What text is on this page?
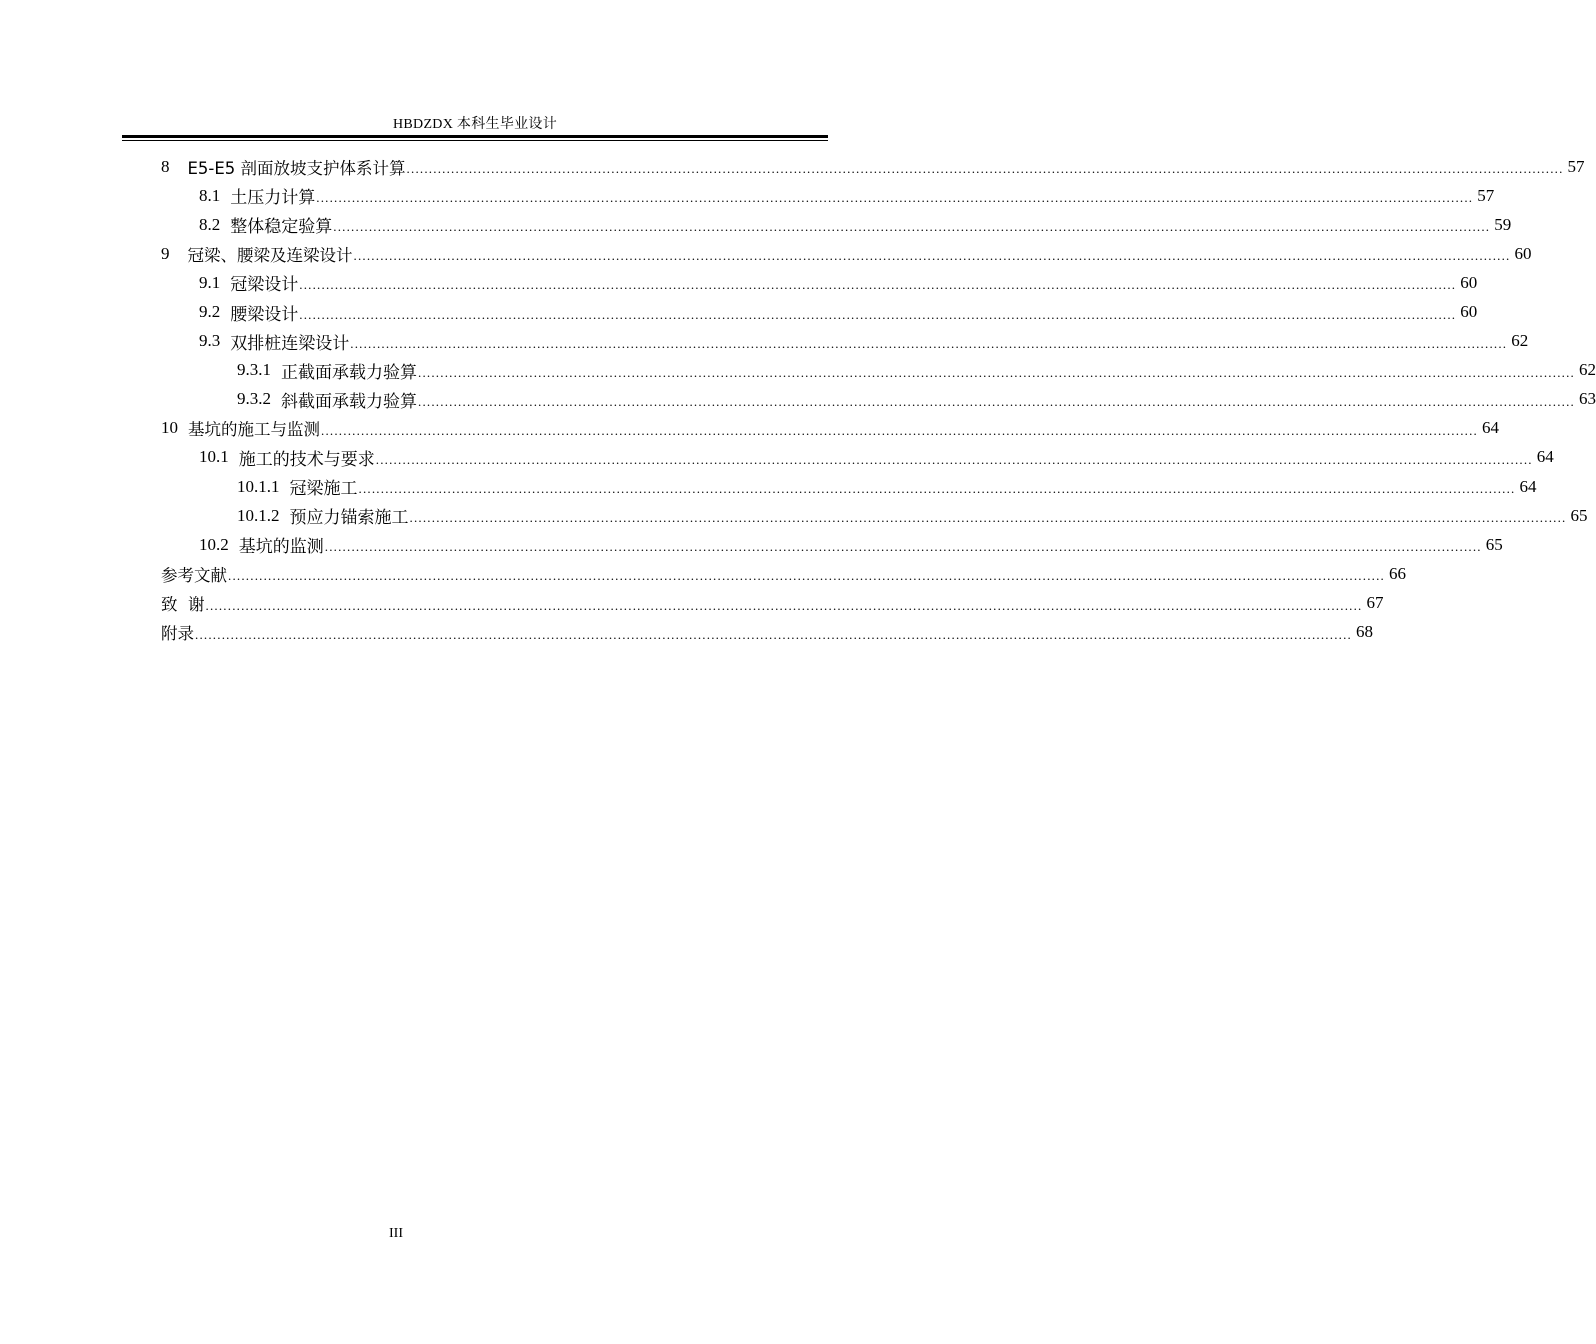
HBDZDX 本科生毕业设计
8 E5-E5 剖面放坡支护体系计算 .................................................................................................................................................................................................................................................................... 57
8.1 土压力计算 .................................................................................................................................................................................................................................................................... 57
8.2 整体稳定验算 .................................................................................................................................................................................................................................................................... 59
9 冠梁、腰梁及连梁设计 .................................................................................................................................................................................................................................................................... 60
9.1 冠梁设计 .................................................................................................................................................................................................................................................................... 60
9.2 腰梁设计 .................................................................................................................................................................................................................................................................... 60
9.3 双排桩连梁设计 .................................................................................................................................................................................................................................................................... 62
9.3.1 正截面承载力验算 .................................................................................................................................................................................................................................................................... 62
9.3.2 斜截面承载力验算 .................................................................................................................................................................................................................................................................... 63
10 基坑的施工与监测 .................................................................................................................................................................................................................................................................... 64
10.1 施工的技术与要求 .................................................................................................................................................................................................................................................................... 64
10.1.1 冠梁施工 .................................................................................................................................................................................................................................................................... 64
10.1.2 预应力锚索施工 .................................................................................................................................................................................................................................................................... 65
10.2 基坑的监测 .................................................................................................................................................................................................................................................................... 65
参考文献 .................................................................................................................................................................................................................................................................... 66
致  谢 .................................................................................................................................................................................................................................................................... 67
附录 .................................................................................................................................................................................................................................................................... 68
III
